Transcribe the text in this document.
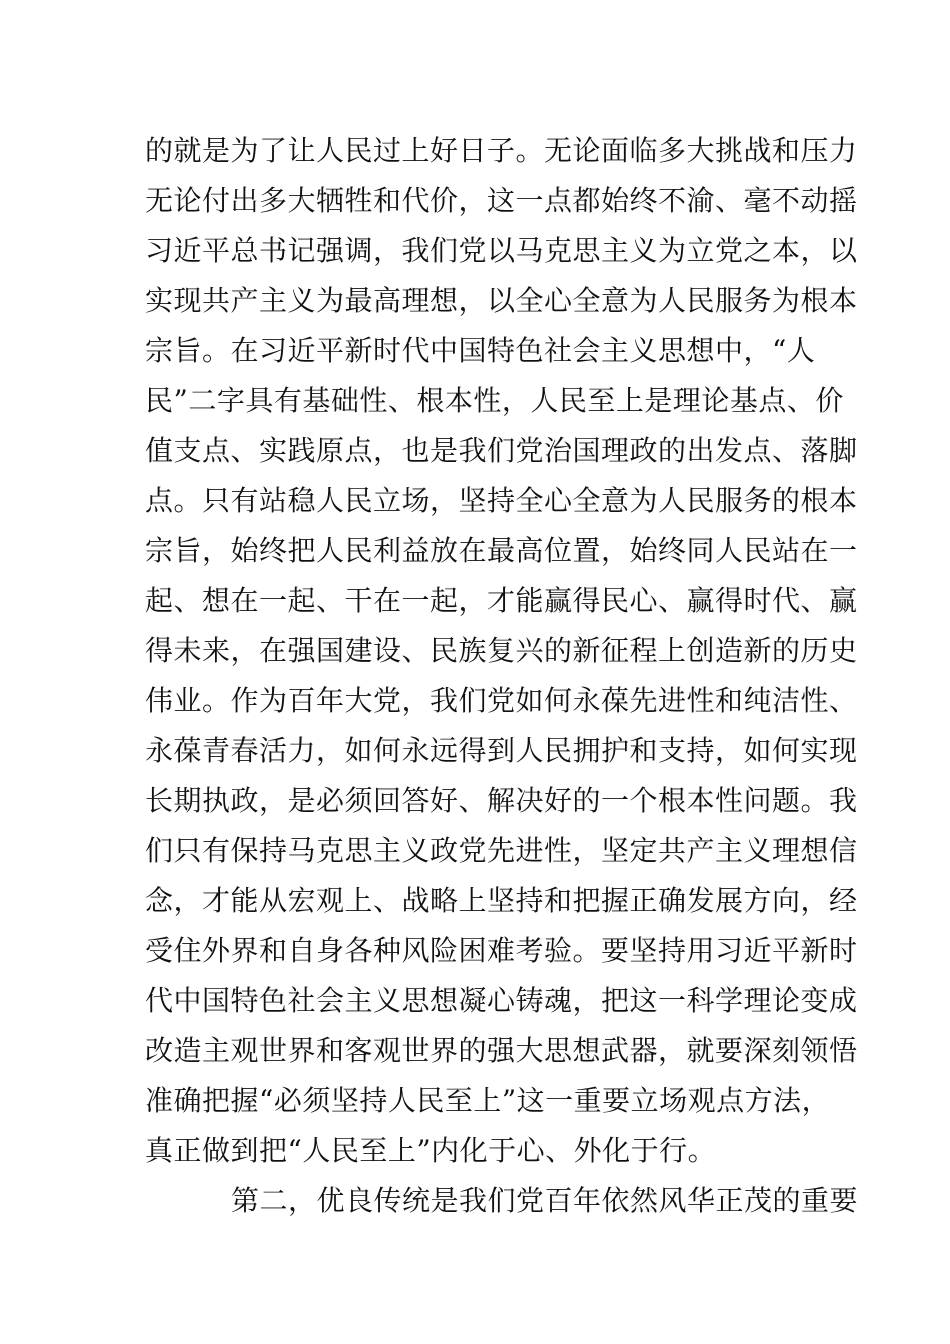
的就是为了让人民过上好日子。无论面临多大挑战和压力
无论付出多大牺牲和代价，这一点都始终不渝、毫不动摇
习近平总书记强调，我们党以马克思主义为立党之本，以
实现共产主义为最高理想，以全心全意为人民服务为根本
宗旨。在习近平新时代中国特色社会主义思想中，“人
民”二字具有基础性、根本性，人民至上是理论基点、价
值支点、实践原点，也是我们党治国理政的出发点、落脚
点。只有站稳人民立场，坚持全心全意为人民服务的根本
宗旨，始终把人民利益放在最高位置，始终同人民站在一
起、想在一起、干在一起，才能赢得民心、赢得时代、赢
得未来，在强国建设、民族复兴的新征程上创造新的历史
伟业。作为百年大党，我们党如何永葆先进性和纯洁性、
永葆青春活力，如何永远得到人民拥护和支持，如何实现
长期执政，是必须回答好、解决好的一个根本性问题。我
们只有保持马克思主义政党先进性，坚定共产主义理想信
念，才能从宏观上、战略上坚持和把握正确发展方向，经
受住外界和自身各种风险困难考验。要坚持用习近平新时
代中国特色社会主义思想凝心铸魂，把这一科学理论变成
改造主观世界和客观世界的强大思想武器，就要深刻领悟
准确把握“必须坚持人民至上”这一重要立场观点方法，
真正做到把“人民至上”内化于心、外化于行。
第二，优良传统是我们党百年依然风华正茂的重要
